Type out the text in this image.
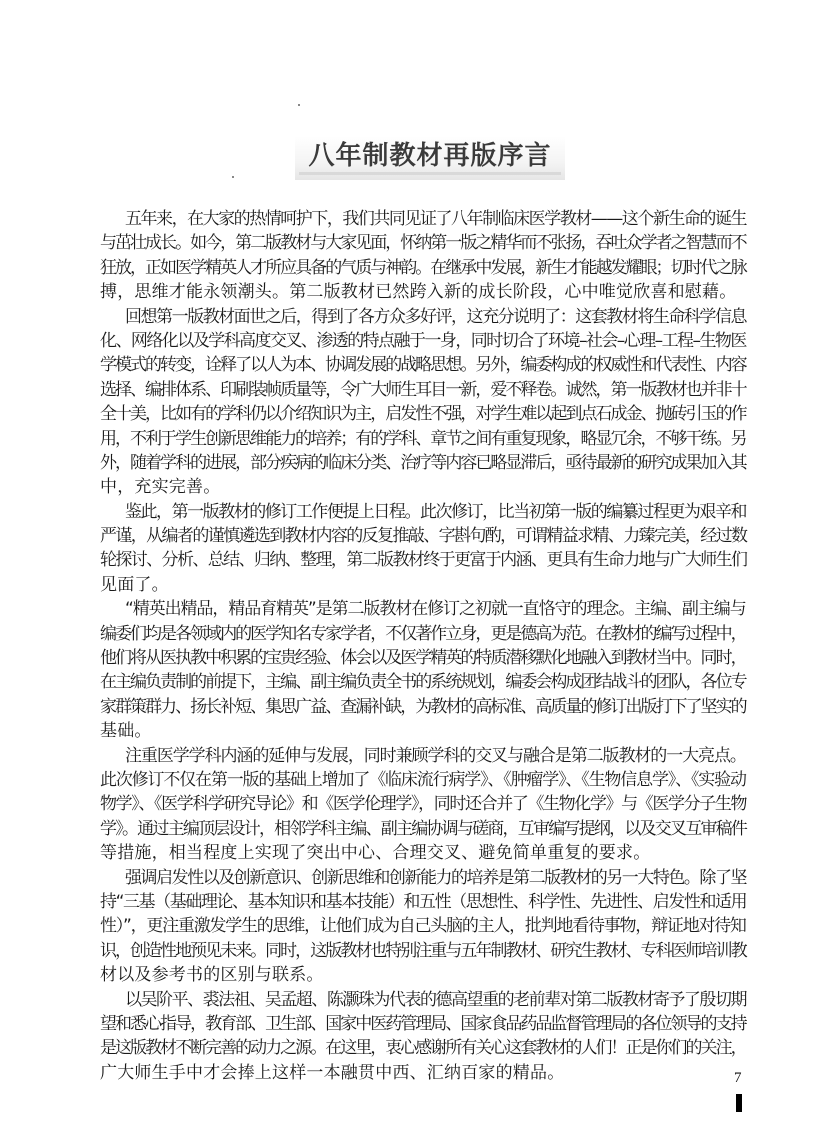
八年制教材再版序言
五年来，在大家的热情呵护下，我们共同见证了八年制临床医学教材——这个新生命的诞生
与茁壮成长。如今，第二版教材与大家见面，怀纳第一版之精华而不张扬，吞吐众学者之智慧而不
狂放，正如医学精英人才所应具备的气质与神韵。在继承中发展，新生才能越发耀眼；切时代之脉
搏，思维才能永领潮头。第二版教材已然跨入新的成长阶段，心中唯觉欣喜和慰藉。
回想第一版教材面世之后，得到了各方众多好评，这充分说明了：这套教材将生命科学信息
化、网络化以及学科高度交叉、渗透的特点融于一身，同时切合了环境–社会–心理–工程–生物医
学模式的转变，诠释了以人为本、协调发展的战略思想。另外，编委构成的权威性和代表性、内容
选择、编排体系、印刷装帧质量等，令广大师生耳目一新，爱不释卷。诚然，第一版教材也并非十
全十美，比如有的学科仍以介绍知识为主，启发性不强，对学生难以起到点石成金、抛砖引玉的作
用，不利于学生创新思维能力的培养；有的学科、章节之间有重复现象，略显冗余，不够干练。另
外，随着学科的进展，部分疾病的临床分类、治疗等内容已略显滞后，亟待最新的研究成果加入其
中，充实完善。
鉴此，第一版教材的修订工作便提上日程。此次修订，比当初第一版的编纂过程更为艰辛和
严谨，从编者的谨慎遴选到教材内容的反复推敲、字斟句酌，可谓精益求精、力臻完美，经过数
轮探讨、分析、总结、归纳、整理，第二版教材终于更富于内涵、更具有生命力地与广大师生们
见面了。
“精英出精品，精品育精英”是第二版教材在修订之初就一直恪守的理念。主编、副主编与
编委们均是各领域内的医学知名专家学者，不仅著作立身，更是德高为范。在教材的编写过程中，
他们将从医执教中积累的宝贵经验、体会以及医学精英的特质潜移默化地融入到教材当中。同时，
在主编负责制的前提下，主编、副主编负责全书的系统规划，编委会构成团结战斗的团队，各位专
家群策群力、扬长补短、集思广益、查漏补缺，为教材的高标准、高质量的修订出版打下了坚实的
基础。
注重医学学科内涵的延伸与发展，同时兼顾学科的交叉与融合是第二版教材的一大亮点。
此次修订不仅在第一版的基础上增加了《临床流行病学》、《肿瘤学》、《生物信息学》、《实验动
物学》、《医学科学研究导论》和《医学伦理学》，同时还合并了《生物化学》与《医学分子生物
学》。通过主编顶层设计，相邻学科主编、副主编协调与磋商，互审编写提纲，以及交叉互审稿件
等措施，相当程度上实现了突出中心、合理交叉、避免简单重复的要求。
强调启发性以及创新意识、创新思维和创新能力的培养是第二版教材的另一大特色。除了坚
持“三基（基础理论、基本知识和基本技能）和五性（思想性、科学性、先进性、启发性和适用
性）”，更注重激发学生的思维，让他们成为自己头脑的主人，批判地看待事物，辩证地对待知
识，创造性地预见未来。同时，这版教材也特别注重与五年制教材、研究生教材、专科医师培训教
材以及参考书的区别与联系。
以吴阶平、裘法祖、吴孟超、陈灏珠为代表的德高望重的老前辈对第二版教材寄予了殷切期
望和悉心指导，教育部、卫生部、国家中医药管理局、国家食品药品监督管理局的各位领导的支持
是这版教材不断完善的动力之源。在这里，衷心感谢所有关心这套教材的人们！正是你们的关注，
广大师生手中才会捧上这样一本融贯中西、汇纳百家的精品。	7
